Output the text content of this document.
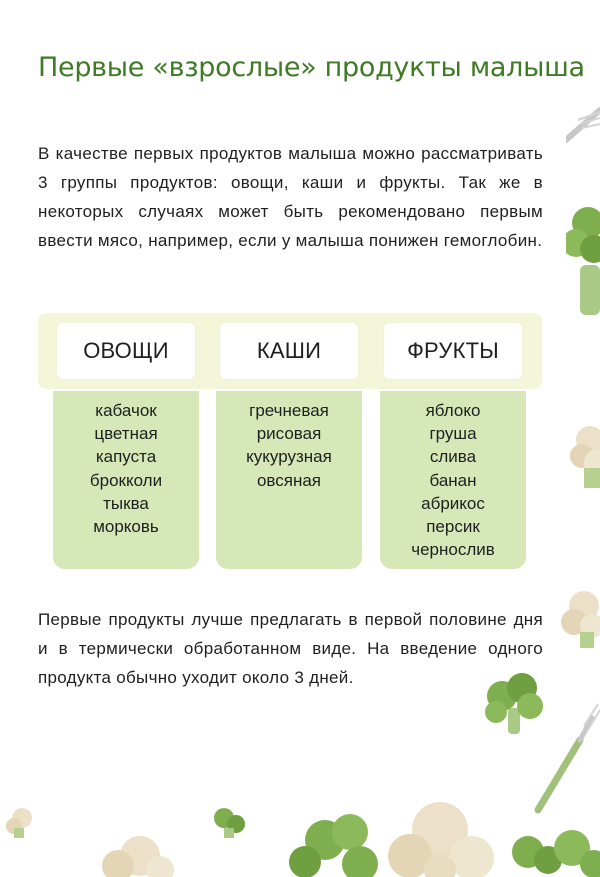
Первые «взрослые» продукты малыша

В качестве первых продуктов малыша можно рассматривать 3 группы продуктов: овощи, каши и фрукты. Так же в некоторых случаях может быть рекомендовано первым ввести мясо, например, если у малыша понижен гемоглобин.

ОВОЩИ
кабачок
цветная
капуста
брокколи
тыква
морковь
КАШИ
гречневая
рисовая
кукурузная
овсяная
ФРУКТЫ
яблоко
груша
слива
банан
абрикос
персик
чернослив

Первые продукты лучше предлагать в первой половине дня и в термически обработанном виде. На введение одного продукта обычно уходит около 3 дней.
